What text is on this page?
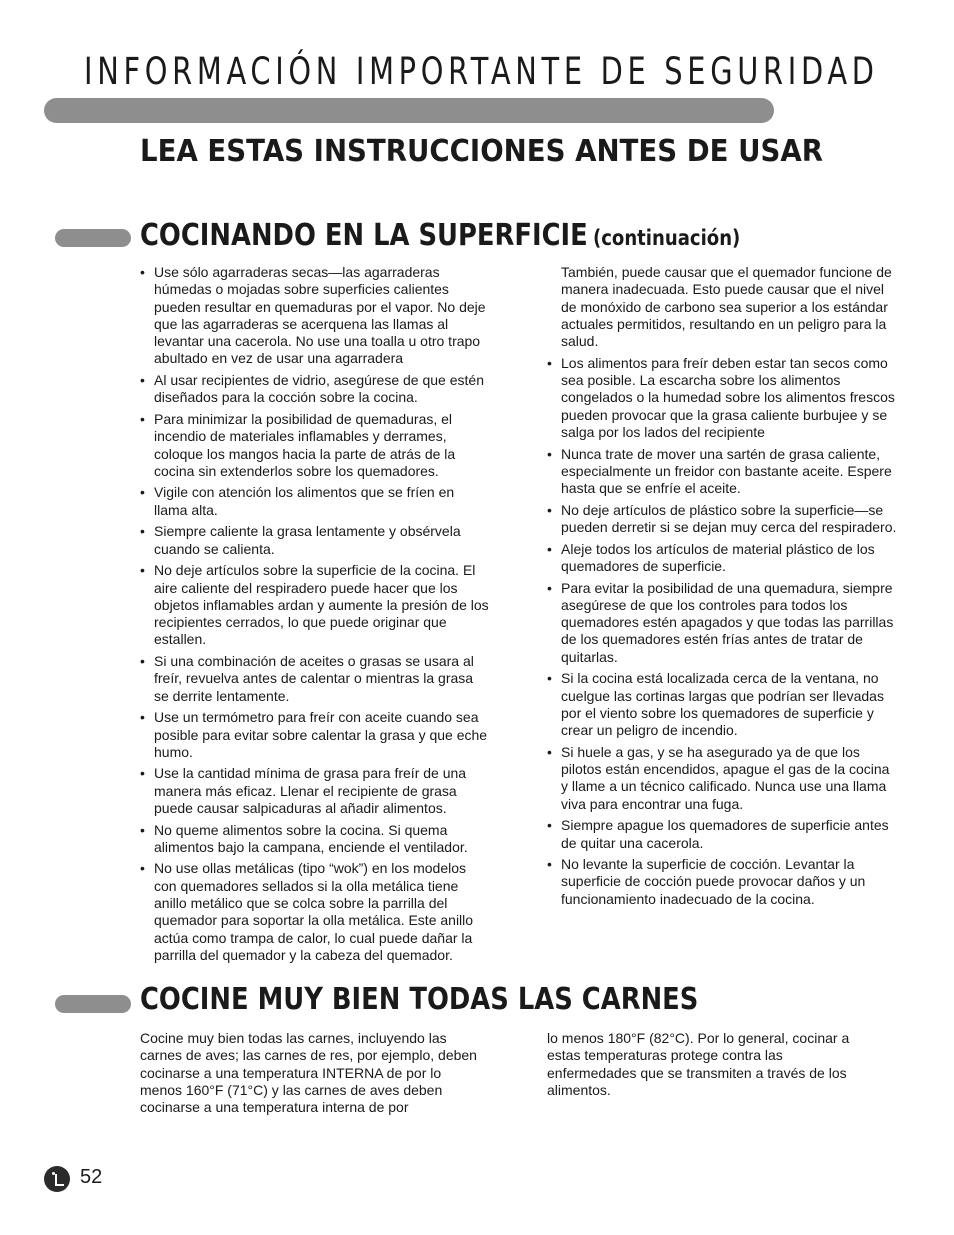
INFORMACIÓN IMPORTANTE DE SEGURIDAD
LEA ESTAS INSTRUCCIONES ANTES DE USAR
COCINANDO EN LA SUPERFICIE (continuación)
• Use sólo agarraderas secas—las agarraderas húmedas o mojadas sobre superficies calientes pueden resultar en quemaduras por el vapor. No deje que las agarraderas se acerquena las llamas al levantar una cacerola. No use una toalla u otro trapo abultado en vez de usar una agarradera
• Al usar recipientes de vidrio, asegúrese de que estén diseñados para la cocción sobre la cocina.
• Para minimizar la posibilidad de quemaduras, el incendio de materiales inflamables y derrames, coloque los mangos hacia la parte de atrás de la cocina sin extenderlos sobre los quemadores.
• Vigile con atención los alimentos que se fríen en llama alta.
• Siempre caliente la grasa lentamente y obsérvela cuando se calienta.
• No deje artículos sobre la superficie de la cocina. El aire caliente del respiradero puede hacer que los objetos inflamables ardan y aumente la presión de los recipientes cerrados, lo que puede originar que estallen.
• Si una combinación de aceites o grasas se usara al freír, revuelva antes de calentar o mientras la grasa se derrite lentamente.
• Use un termómetro para freír con aceite cuando sea posible para evitar sobre calentar la grasa y que eche humo.
• Use la cantidad mínima de grasa para freír de una manera más eficaz. Llenar el recipiente de grasa puede causar salpicaduras al añadir alimentos.
• No queme alimentos sobre la cocina. Si quema alimentos bajo la campana, enciende el ventilador.
• No use ollas metálicas (tipo “wok”) en los modelos con quemadores sellados si la olla metálica tiene anillo metálico que se colca sobre la parrilla del quemador para soportar la olla metálica. Este anillo actúa como trampa de calor, lo cual puede dañar la parrilla del quemador y la cabeza del quemador.

También, puede causar que el quemador funcione de manera inadecuada. Esto puede causar que el nivel de monóxido de carbono sea superior a los estándar actuales permitidos, resultando en un peligro para la salud.

• Los alimentos para freír deben estar tan secos como sea posible. La escarcha sobre los alimentos congelados o la humedad sobre los alimentos frescos pueden provocar que la grasa caliente burbujee y se salga por los lados del recipiente
• Nunca trate de mover una sartén de grasa caliente, especialmente un freidor con bastante aceite. Espere hasta que se enfríe el aceite.
• No deje artículos de plástico sobre la superficie—se pueden derretir si se dejan muy cerca del respiradero.
• Aleje todos los artículos de material plástico de los quemadores de superficie.
• Para evitar la posibilidad de una quemadura, siempre asegúrese de que los controles para todos los quemadores estén apagados y que todas las parrillas de los quemadores estén frías antes de tratar de quitarlas.
• Si la cocina está localizada cerca de la ventana, no cuelgue las cortinas largas que podrían ser llevadas por el viento sobre los quemadores de superficie y crear un peligro de incendio.
• Si huele a gas, y se ha asegurado ya de que los pilotos están encendidos, apague el gas de la cocina y llame a un técnico calificado. Nunca use una llama viva para encontrar una fuga.
• Siempre apague los quemadores de superficie antes de quitar una cacerola.
• No levante la superficie de cocción. Levantar la superficie de cocción puede provocar daños y un funcionamiento inadecuado de la cocina.
COCINE MUY BIEN TODAS LAS CARNES

Cocine muy bien todas las carnes, incluyendo las carnes de aves; las carnes de res, por ejemplo, deben cocinarse a una temperatura INTERNA de por lo menos 160°F (71°C) y las carnes de aves deben cocinarse a una temperatura interna de por

lo menos 180°F (82°C). Por lo general, cocinar a estas temperaturas protege contra las enfermedades que se transmiten a través de los alimentos.

52
